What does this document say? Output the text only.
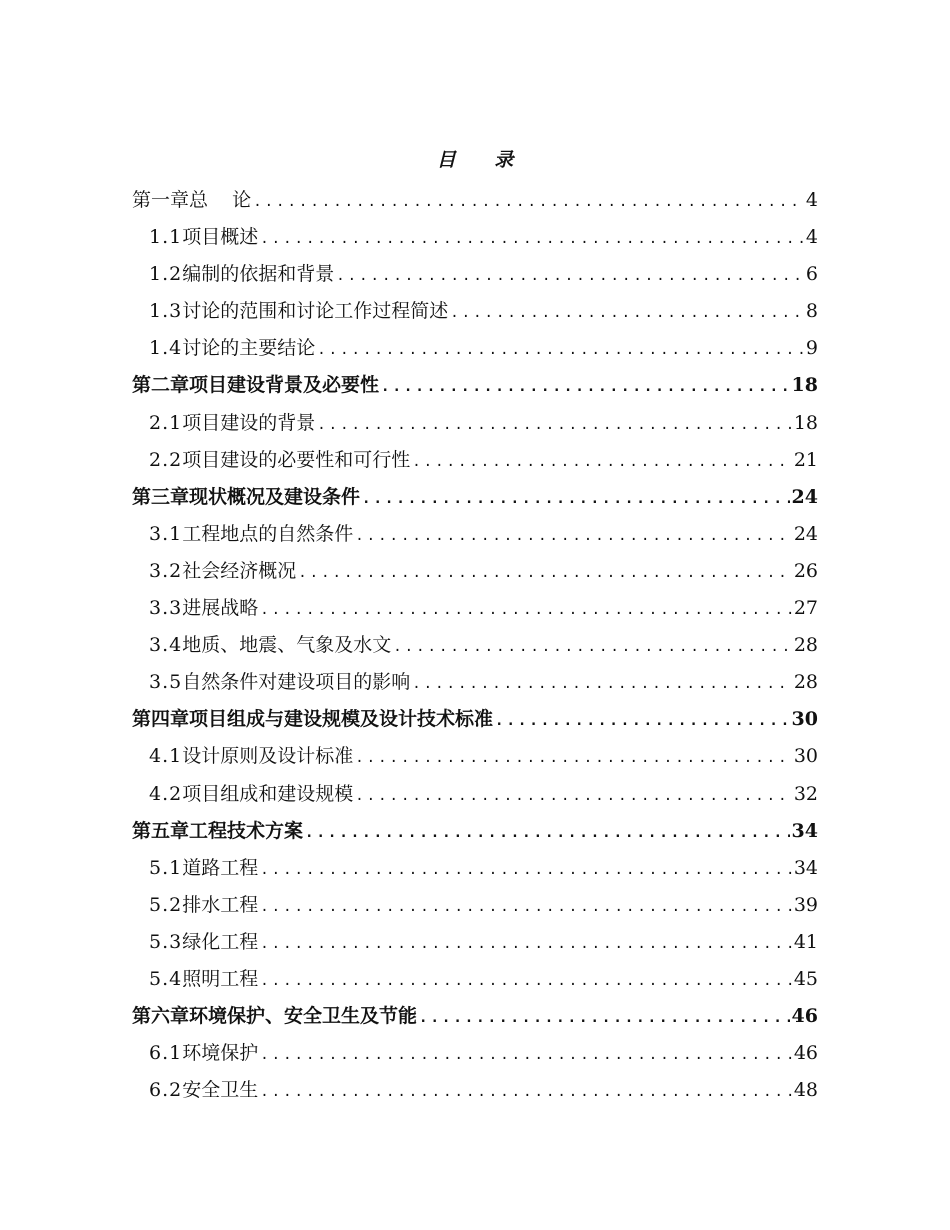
目 录
第一章 总    论 .....	4
1.1 项目概述 .....	4
1.2 编制的依据和背景 .....	6
1.3 讨论的范围和讨论工作过程简述 .....	8
1.4 讨论的主要结论 .....	9
第二章 项目建设背景及必要性 .....	18
2.1 项目建设的背景 .....	18
2.2 项目建设的必要性和可行性 .....	21
第三章 现状概况及建设条件 .....	24
3.1 工程地点的自然条件 .....	24
3.2 社会经济概况 .....	26
3.3 进展战略 .....	27
3.4 地质、地震、气象及水文 .....	28
3.5 自然条件对建设项目的影响 .....	28
第四章 项目组成与建设规模及设计技术标准 .....	30
4.1 设计原则及设计标准 .....	30
4.2 项目组成和建设规模 .....	32
第五章 工程技术方案 .....	34
5.1 道路工程 .....	34
5.2 排水工程 .....	39
5.3 绿化工程 .....	41
5.4 照明工程 .....	45
第六章 环境保护、安全卫生及节能 .....	46
6.1 环境保护 .....	46
6.2 安全卫生 .....	48
